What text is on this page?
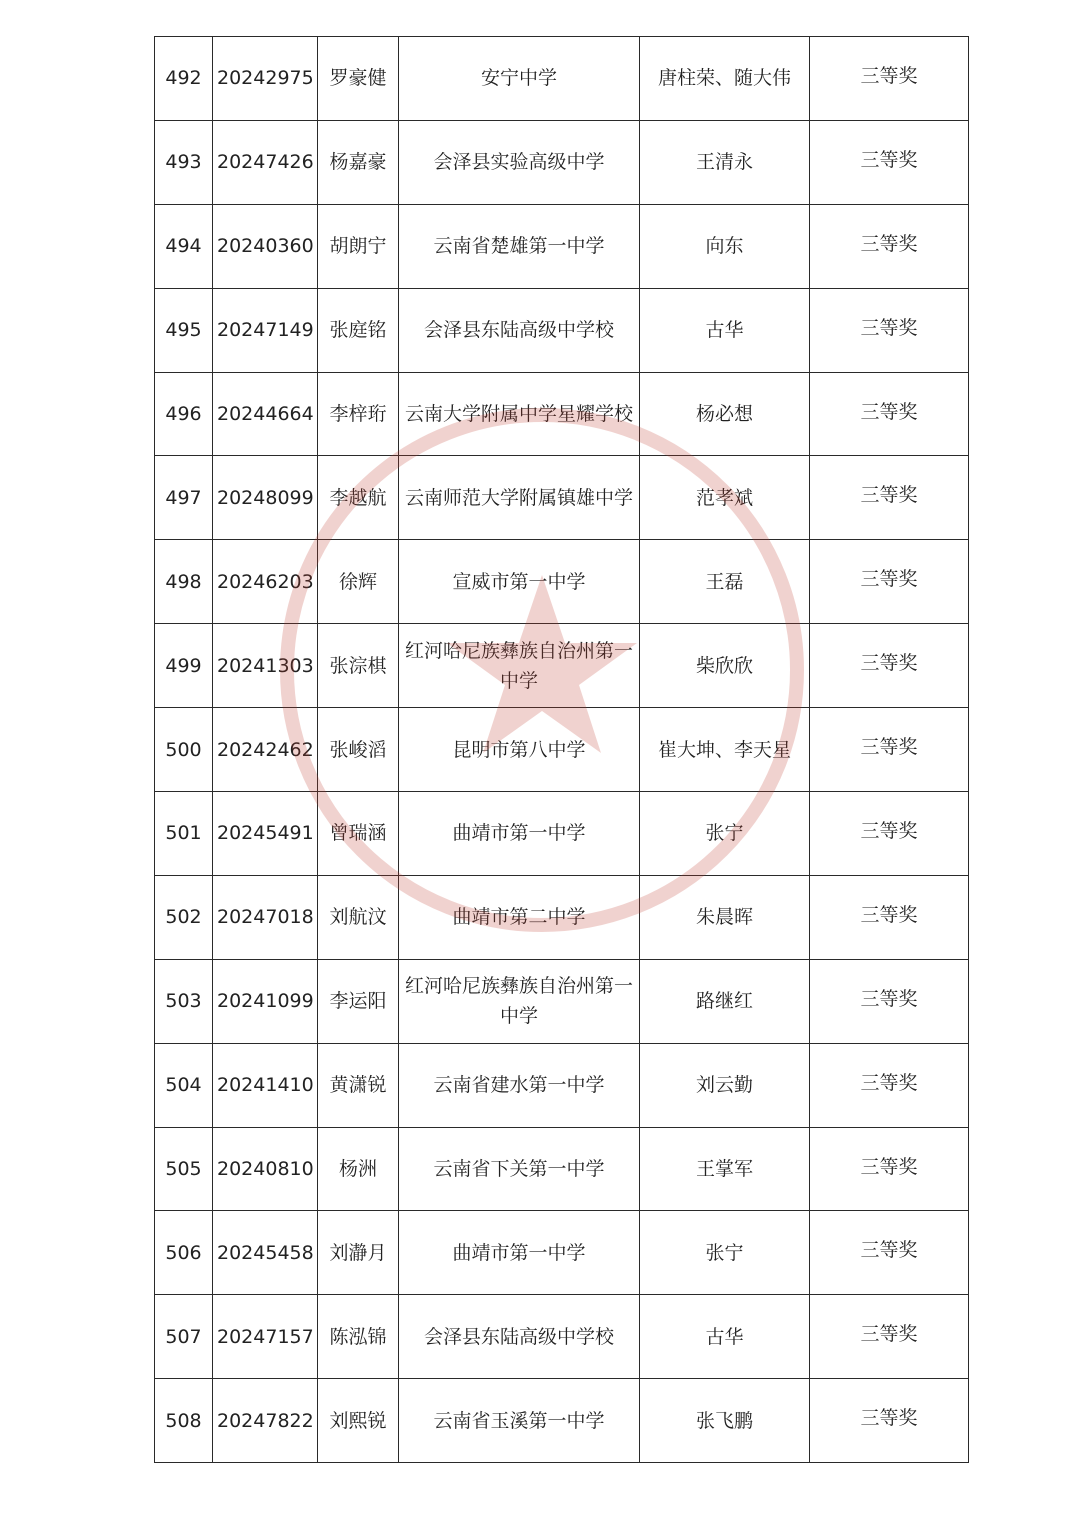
492	20242975	罗豪健	安宁中学	唐柱荣、随大伟	三等奖
493	20247426	杨嘉豪	会泽县实验高级中学	王清永	三等奖
494	20240360	胡朗宁	云南省楚雄第一中学	向东	三等奖
495	20247149	张庭铭	会泽县东陆高级中学校	古华	三等奖
496	20244664	李梓珩	云南大学附属中学星耀学校	杨必想	三等奖
497	20248099	李越航	云南师范大学附属镇雄中学	范孝斌	三等奖
498	20246203	徐辉	宣威市第一中学	王磊	三等奖
499	20241303	张淙棋	红河哈尼族彝族自治州第一中学	柴欣欣	三等奖
500	20242462	张峻滔	昆明市第八中学	崔大坤、李天星	三等奖
501	20245491	曾瑞涵	曲靖市第一中学	张宁	三等奖
502	20247018	刘航汶	曲靖市第二中学	朱晨晖	三等奖
503	20241099	李运阳	红河哈尼族彝族自治州第一中学	路继红	三等奖
504	20241410	黄潇锐	云南省建水第一中学	刘云勤	三等奖
505	20240810	杨洲	云南省下关第一中学	王掌军	三等奖
506	20245458	刘瀞月	曲靖市第一中学	张宁	三等奖
507	20247157	陈泓锦	会泽县东陆高级中学校	古华	三等奖
508	20247822	刘熙锐	云南省玉溪第一中学	张飞鹏	三等奖
